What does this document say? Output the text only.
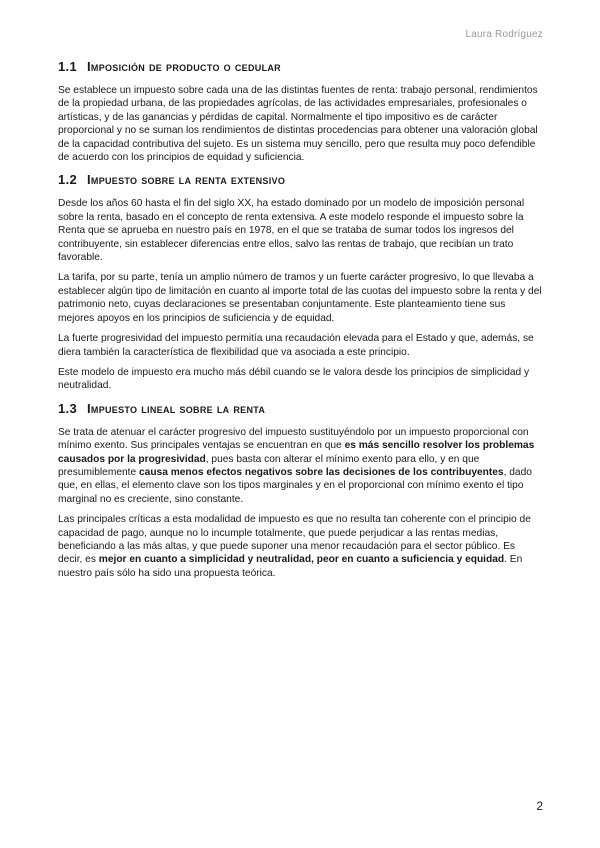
Laura Rodríguez
1.1 Imposición de producto o cedular

Se establece un impuesto sobre cada una de las distintas fuentes de renta: trabajo personal, rendimientos de la propiedad urbana, de las propiedades agrícolas, de las actividades empresariales, profesionales o artísticas, y de las ganancias y pérdidas de capital. Normalmente el tipo impositivo es de carácter proporcional y no se suman los rendimientos de distintas procedencias para obtener una valoración global de la capacidad contributiva del sujeto. Es un sistema muy sencillo, pero que resulta muy poco defendible de acuerdo con los principios de equidad y suficiencia.

1.2 Impuesto sobre la renta extensivo

Desde los años 60 hasta el fin del siglo XX, ha estado dominado por un modelo de imposición personal sobre la renta, basado en el concepto de renta extensiva. A este modelo responde el impuesto sobre la Renta que se aprueba en nuestro país en 1978, en el que se trataba de sumar todos los ingresos del contribuyente, sin establecer diferencias entre ellos, salvo las rentas de trabajo, que recibían un trato favorable.

La tarifa, por su parte, tenía un amplio número de tramos y un fuerte carácter progresivo, lo que llevaba a establecer algún tipo de limitación en cuanto al importe total de las cuotas del impuesto sobre la renta y del patrimonio neto, cuyas declaraciones se presentaban conjuntamente. Este planteamiento tiene sus mejores apoyos en los principios de suficiencia y de equidad.

La fuerte progresividad del impuesto permitía una recaudación elevada para el Estado y que, además, se diera también la característica de flexibilidad que va asociada a este principio.

Este modelo de impuesto era mucho más débil cuando se le valora desde los principios de simplicidad y neutralidad.

1.3 Impuesto lineal sobre la renta

Se trata de atenuar el carácter progresivo del impuesto sustituyéndolo por un impuesto proporcional con mínimo exento. Sus principales ventajas se encuentran en que es más sencillo resolver los problemas causados por la progresividad, pues basta con alterar el mínimo exento para ello, y en que presumiblemente causa menos efectos negativos sobre las decisiones de los contribuyentes, dado que, en ellas, el elemento clave son los tipos marginales y en el proporcional con mínimo exento el tipo marginal no es creciente, sino constante.

Las principales críticas a esta modalidad de impuesto es que no resulta tan coherente con el principio de capacidad de pago, aunque no lo incumple totalmente, que puede perjudicar a las rentas medias, beneficiando a las más altas, y que puede suponer una menor recaudación para el sector público. Es decir, es mejor en cuanto a simplicidad y neutralidad, peor en cuanto a suficiencia y equidad. En nuestro país sólo ha sido una propuesta teórica.

2
